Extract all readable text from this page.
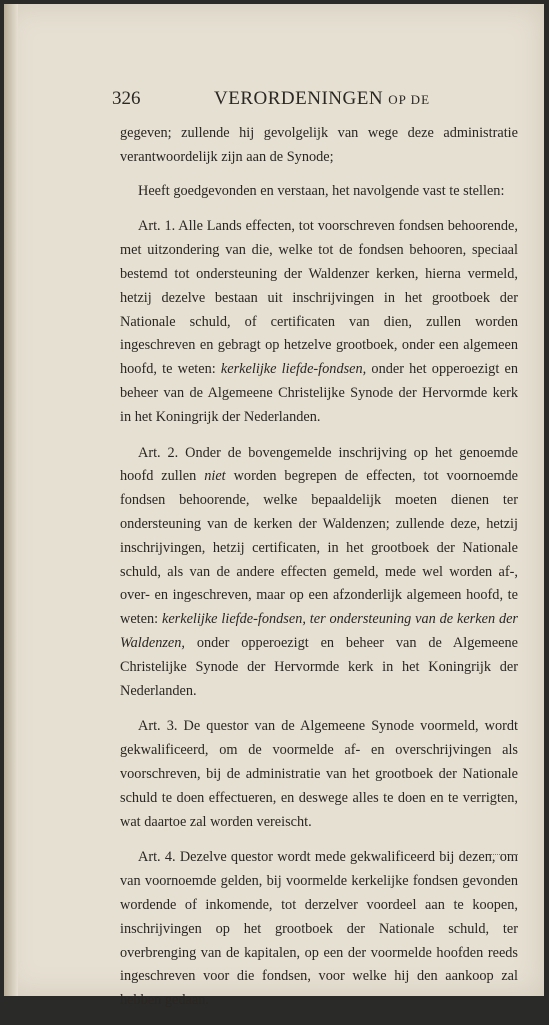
326	VERORDENINGEN OP DE

gegeven; zullende hij gevolgelijk van wege deze administratie verantwoordelijk zijn aan de Synode;

Heeft goedgevonden en verstaan, het navolgende vast te stellen:

Art. 1. Alle Lands effecten, tot voorschreven fondsen behoorende, met uitzondering van die, welke tot de fondsen behooren, speciaal bestemd tot ondersteuning der Waldenzer kerken, hierna vermeld, hetzij dezelve bestaan uit inschrijvingen in het grootboek der Nationale schuld, of certificaten van dien, zullen worden ingeschreven en gebragt op hetzelve grootboek, onder een algemeen hoofd, te weten: kerkelijke liefde-fondsen, onder het opperoezigt en beheer van de Algemeene Christelijke Synode der Hervormde kerk in het Koningrijk der Nederlanden.

Art. 2. Onder de bovengemelde inschrijving op het genoemde hoofd zullen niet worden begrepen de effecten, tot voornoemde fondsen behoorende, welke bepaaldelijk moeten dienen ter ondersteuning van de kerken der Waldenzen; zullende deze, hetzij inschrijvingen, hetzij certificaten, in het grootboek der Nationale schuld, als van de andere effecten gemeld, mede wel worden af-, over- en ingeschreven, maar op een afzonderlijk algemeen hoofd, te weten: kerkelijke liefde-fondsen, ter ondersteuning van de kerken der Waldenzen, onder opperoezigt en beheer van de Algemeene Christelijke Synode der Hervormde kerk in het Koningrijk der Nederlanden.

Art. 3. De questor van de Algemeene Synode voormeld, wordt gekwalificeerd, om de voormelde af- en overschrijvingen als voorschreven, bij de administratie van het grootboek der Nationale schuld te doen effectueren, en deswege alles te doen en te verrigten, wat daartoe zal worden vereischt.

Art. 4. Dezelve questor wordt mede gekwalificeerd bij dezen, om van voornoemde gelden, bij voormelde kerkelijke fondsen gevonden wordende of inkomende, tot derzelver voordeel aan te koopen, inschrijvingen op het grootboek der Nationale schuld, ter overbrenging van de kapitalen, op een der voormelde hoofden reeds ingeschreven voor die fondsen, voor welke hij den aankoop zal hebben gedaan.
